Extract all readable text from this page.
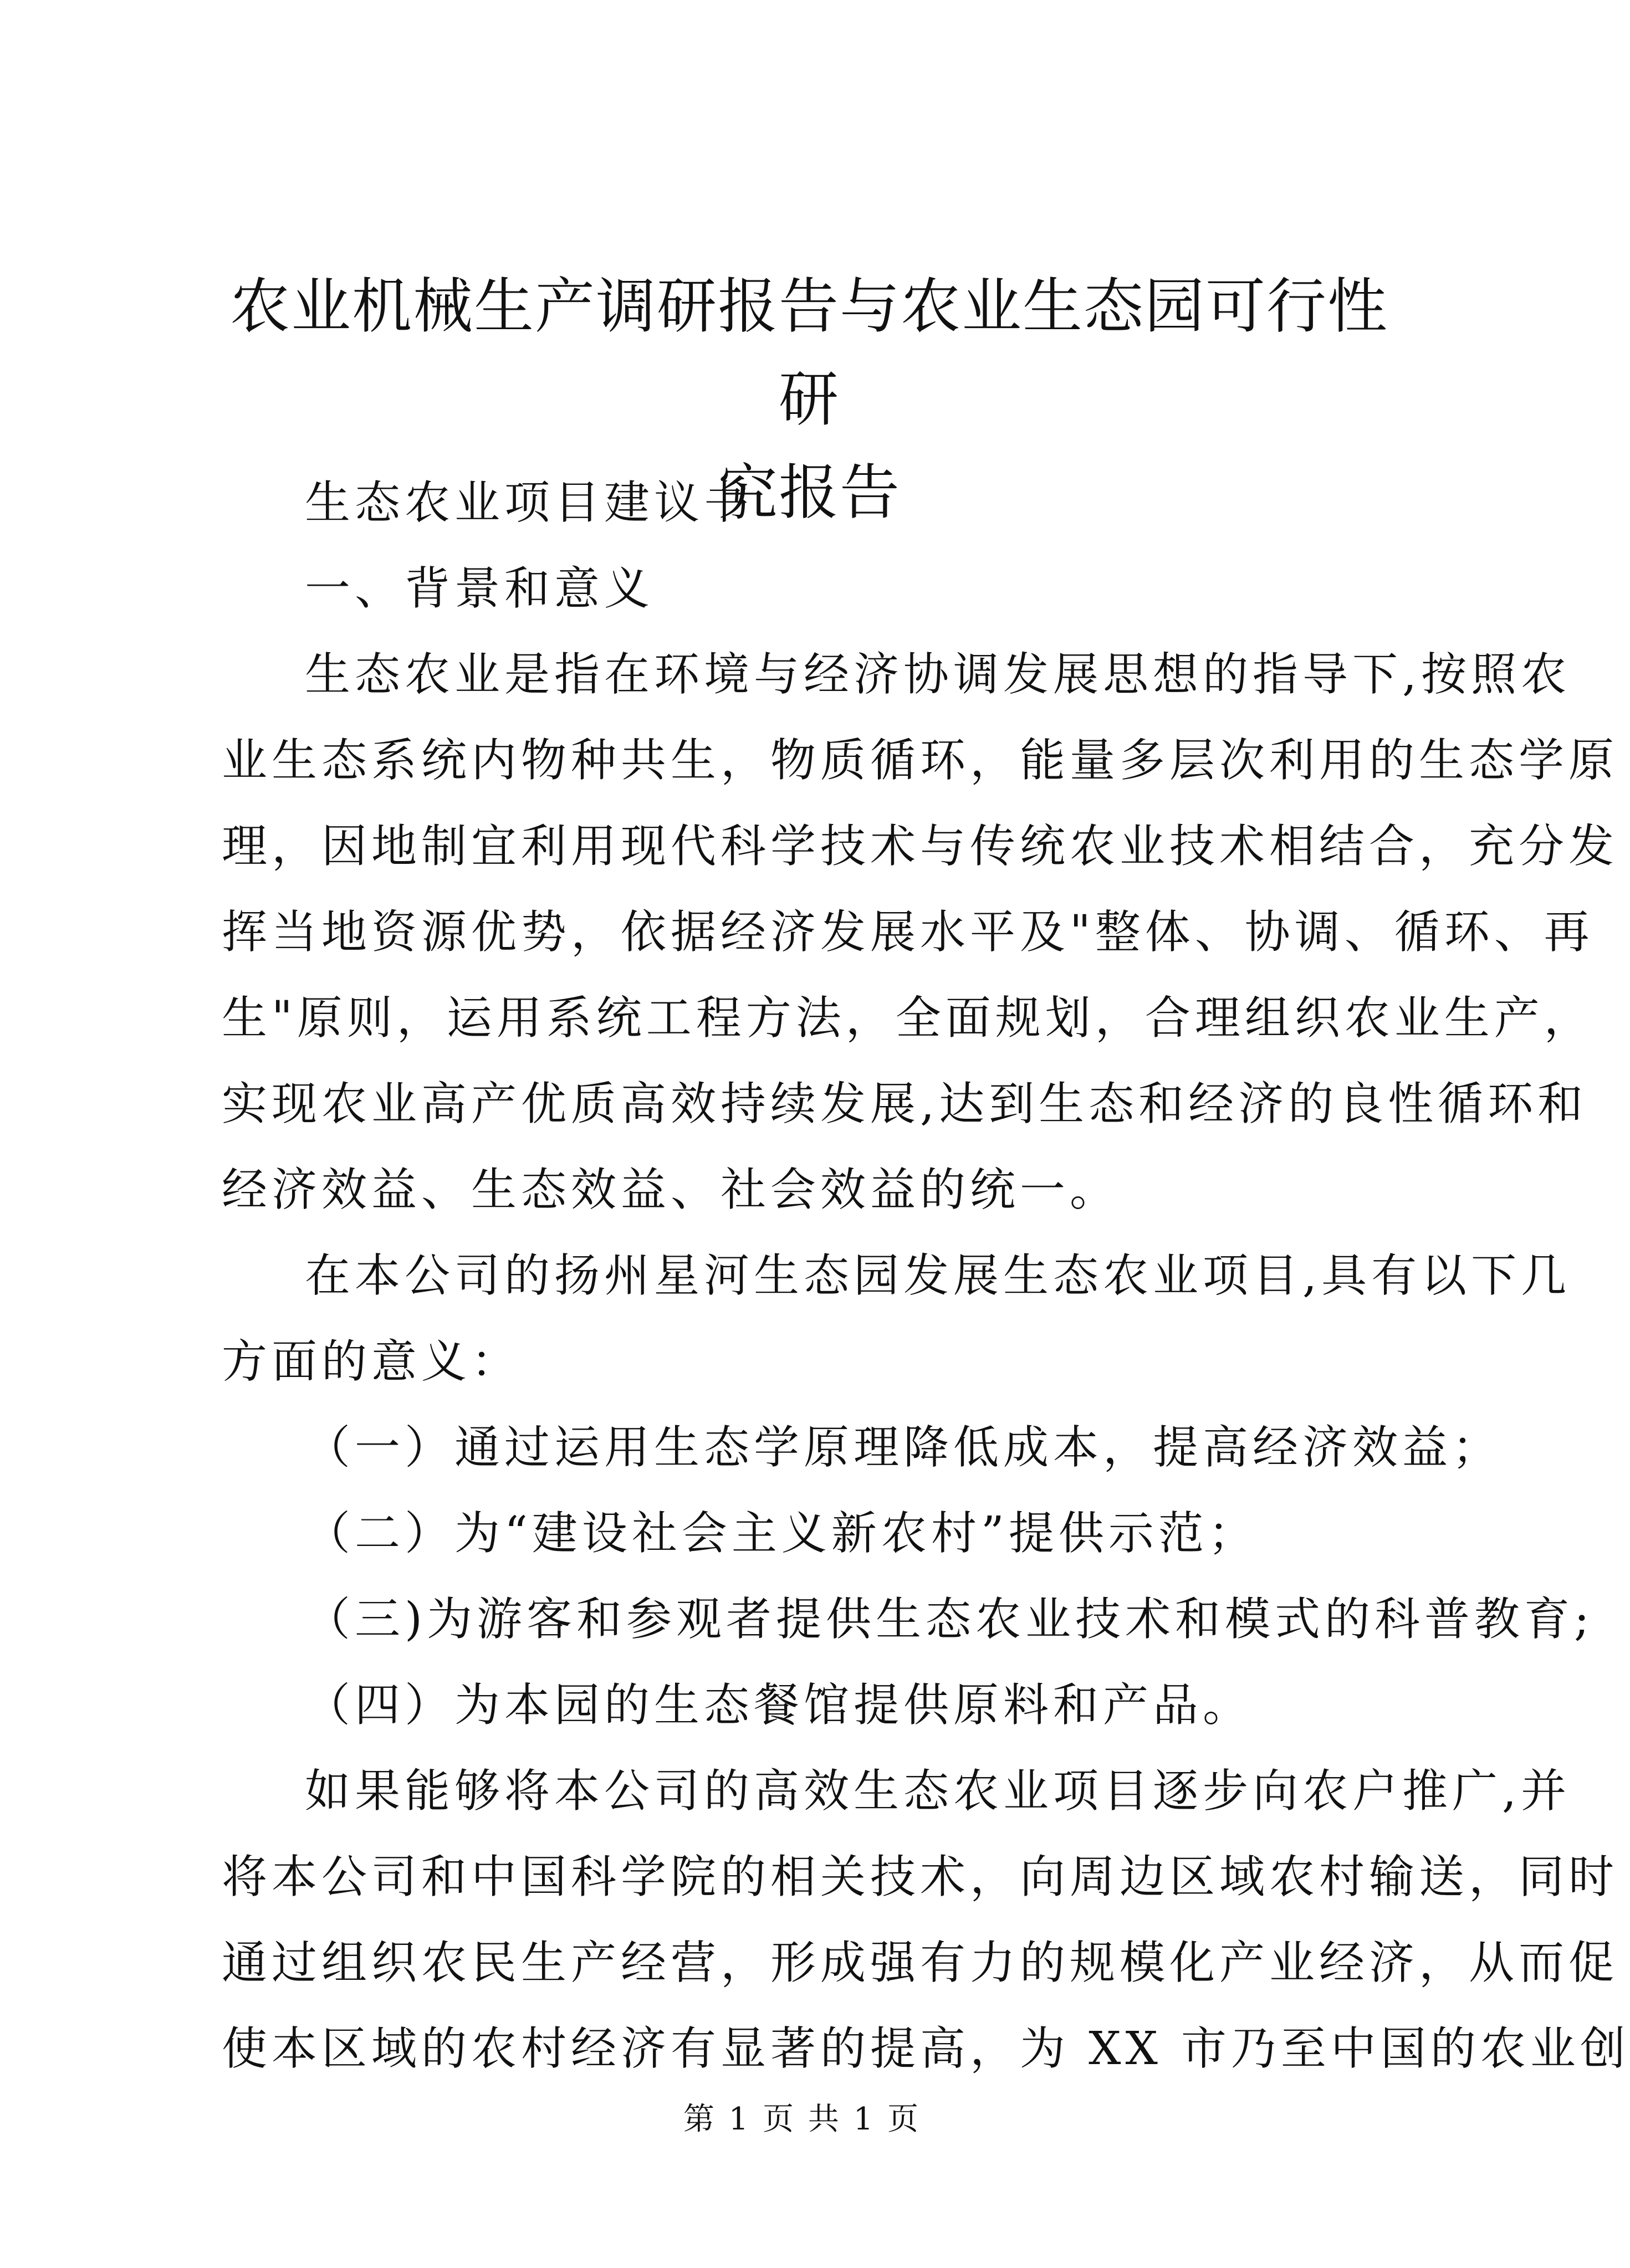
农业机械生产调研报告与农业生态园可行性研
究报告
生态农业项目建议书
一、背景和意义
生态农业是指在环境与经济协调发展思想的指导下,按照农
业生态系统内物种共生，物质循环，能量多层次利用的生态学原
理，因地制宜利用现代科学技术与传统农业技术相结合，充分发
挥当地资源优势，依据经济发展水平及"整体、协调、循环、再
生"原则，运用系统工程方法，全面规划，合理组织农业生产，
实现农业高产优质高效持续发展,达到生态和经济的良性循环和
经济效益、生态效益、社会效益的统一。
在本公司的扬州星河生态园发展生态农业项目,具有以下几
方面的意义：
（一）通过运用生态学原理降低成本，提高经济效益；
（二）为“建设社会主义新农村”提供示范；
（三)为游客和参观者提供生态农业技术和模式的科普教育;
（四）为本园的生态餐馆提供原料和产品。
如果能够将本公司的高效生态农业项目逐步向农户推广,并
将本公司和中国科学院的相关技术，向周边区域农村输送，同时
通过组织农民生产经营，形成强有力的规模化产业经济，从而促
使本区域的农村经济有显著的提高，为 XX 市乃至中国的农业创
第 1 页 共 1 页
